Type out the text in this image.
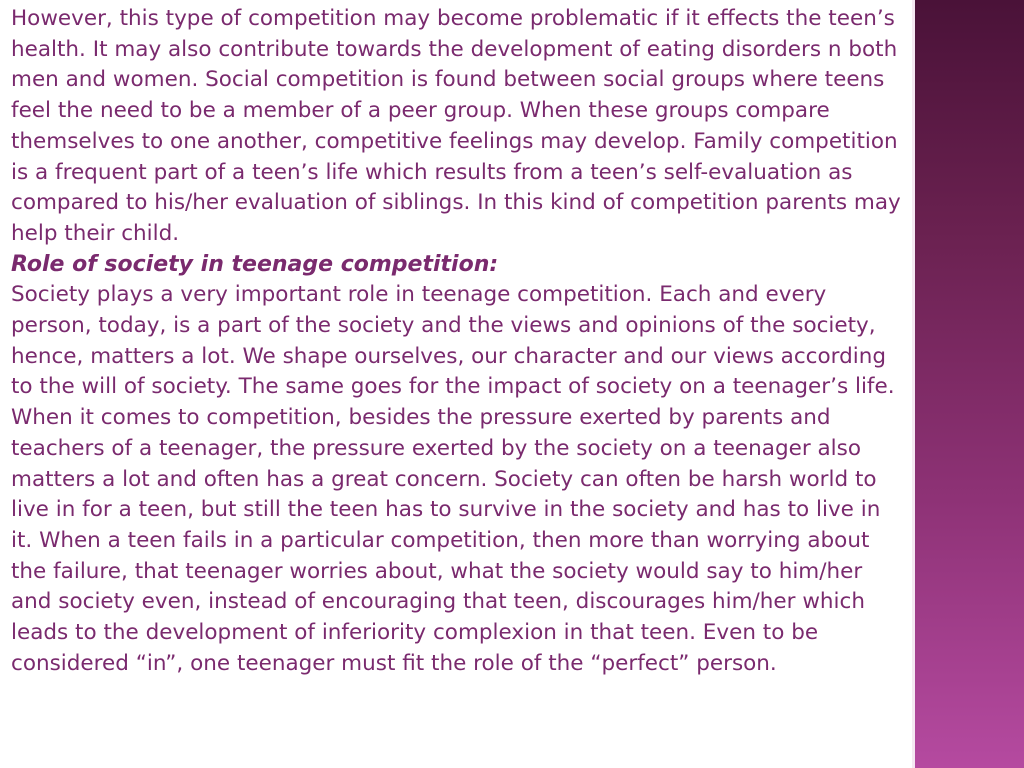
However, this type of competition may become problematic if it effects the teen’s health. It may also contribute towards the development of eating disorders n both men and women. Social competition is found between social groups where teens feel the need to be a member of a peer group. When these groups compare themselves to one another, competitive feelings may develop. Family competition is a frequent part of a teen’s life which results from a teen’s self-evaluation as compared to his/her evaluation of siblings. In this kind of competition parents may help their child.

Role of society in teenage competition:

Society plays a very important role in teenage competition. Each and every person, today, is a part of the society and the views and opinions of the society, hence, matters a lot. We shape ourselves, our character and our views according to the will of society. The same goes for the impact of society on a teenager’s life. When it comes to competition, besides the pressure exerted by parents and teachers of a teenager, the pressure exerted by the society on a teenager also matters a lot and often has a great concern. Society can often be harsh world to live in for a teen, but still the teen has to survive in the society and has to live in it. When a teen fails in a particular competition, then more than worrying about the failure, that teenager worries about, what the society would say to him/her and society even, instead of encouraging that teen, discourages him/her which leads to the development of inferiority complexion in that teen. Even to be considered “in”, one teenager must fit the role of the “perfect” person.
